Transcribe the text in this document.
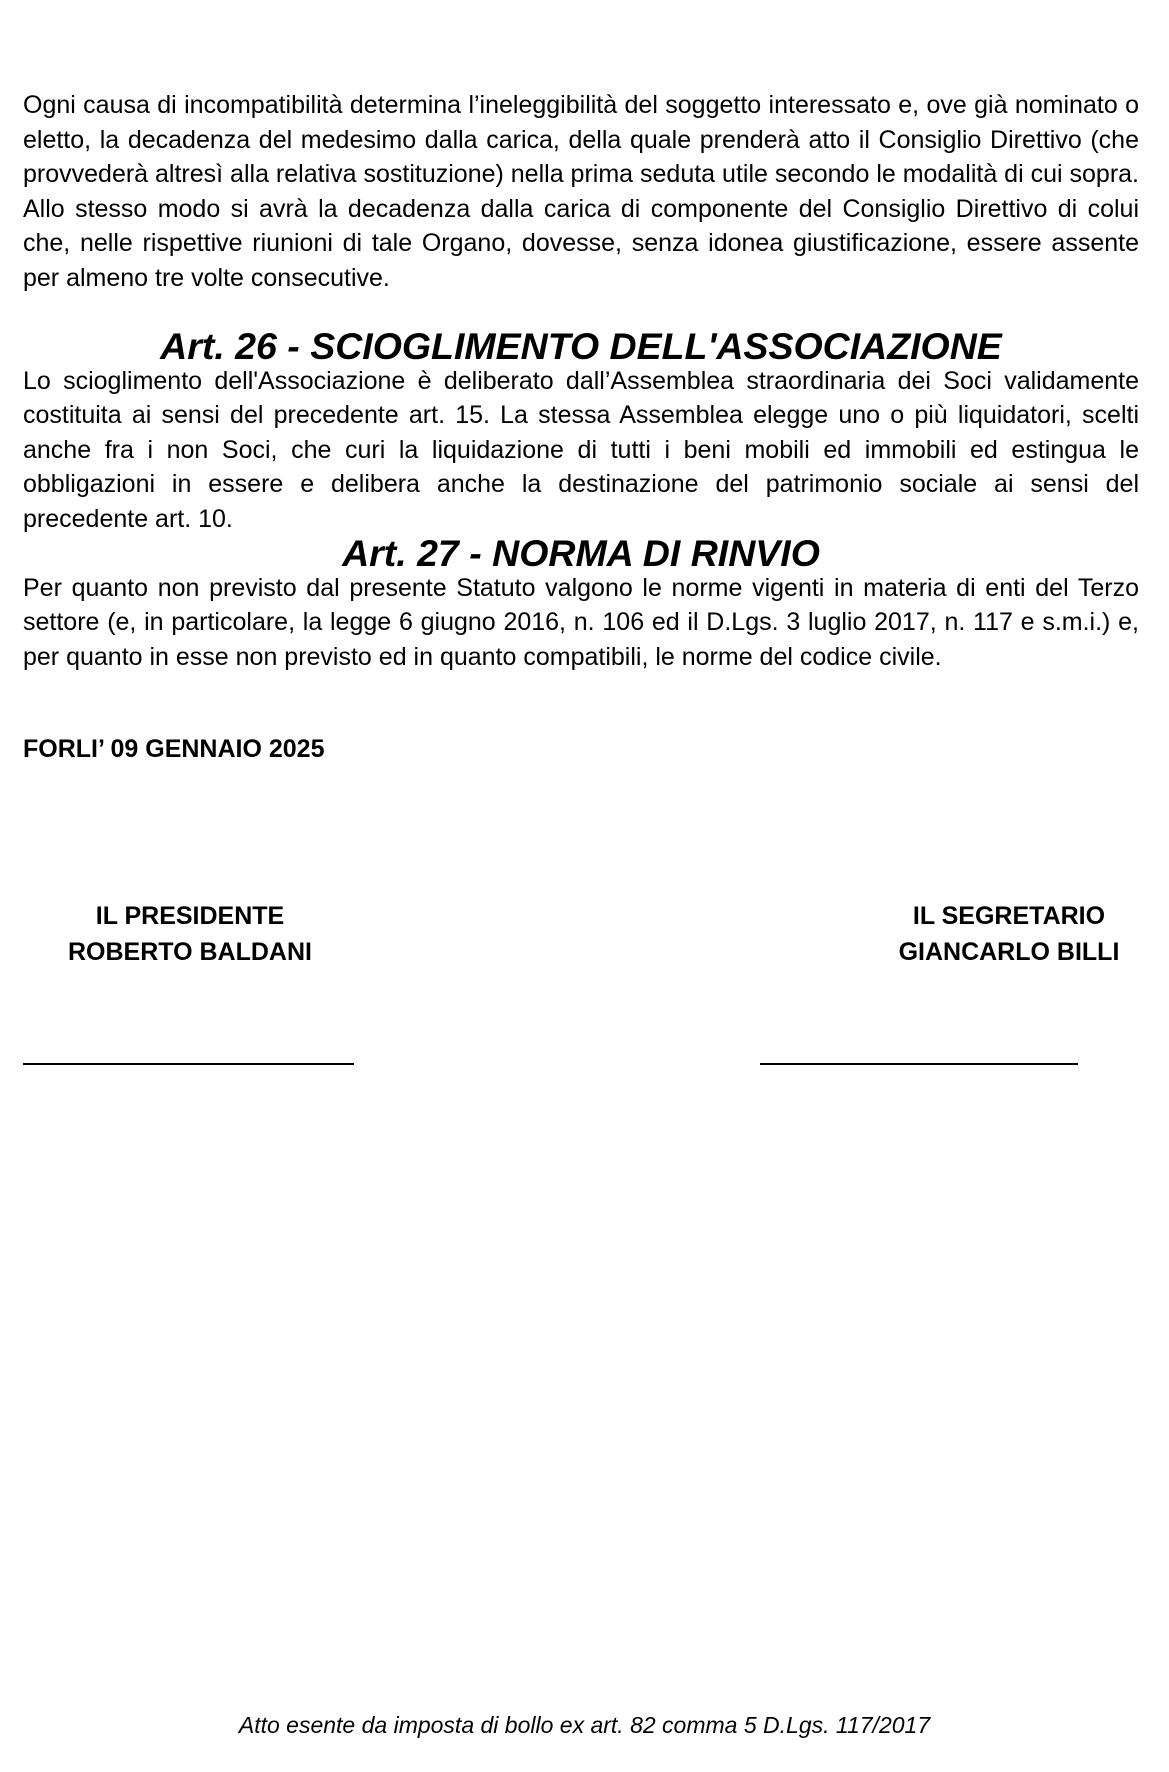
Ogni causa di incompatibilità determina l’ineleggibilità del soggetto interessato e, ove già nominato o eletto, la decadenza del medesimo dalla carica, della quale prenderà atto il Consiglio Direttivo (che provvederà altresì alla relativa sostituzione) nella prima seduta utile secondo le modalità di cui sopra. Allo stesso modo si avrà la decadenza dalla carica di componente del Consiglio Direttivo di colui che, nelle rispettive riunioni di tale Organo, dovesse, senza idonea giustificazione, essere assente per almeno tre volte consecutive.

Art. 26 - SCIOGLIMENTO DELL'ASSOCIAZIONE

Lo scioglimento dell'Associazione è deliberato dall’Assemblea straordinaria dei Soci validamente costituita ai sensi del precedente art. 15. La stessa Assemblea elegge uno o più liquidatori, scelti anche fra i non Soci, che curi la liquidazione di tutti i beni mobili ed immobili ed estingua le obbligazioni in essere e delibera anche la destinazione del patrimonio sociale ai sensi del precedente art. 10.

Art. 27 - NORMA DI RINVIO

Per quanto non previsto dal presente Statuto valgono le norme vigenti in materia di enti del Terzo settore (e, in particolare, la legge 6 giugno 2016, n. 106 ed il D.Lgs. 3 luglio 2017, n. 117 e s.m.i.) e, per quanto in esse non previsto ed in quanto compatibili, le norme del codice civile.

FORLI’ 09 GENNAIO 2025
IL PRESIDENTE
ROBERTO BALDANI
IL SEGRETARIO
GIANCARLO BILLI
Atto esente da imposta di bollo ex art. 82 comma 5 D.Lgs. 117/2017
